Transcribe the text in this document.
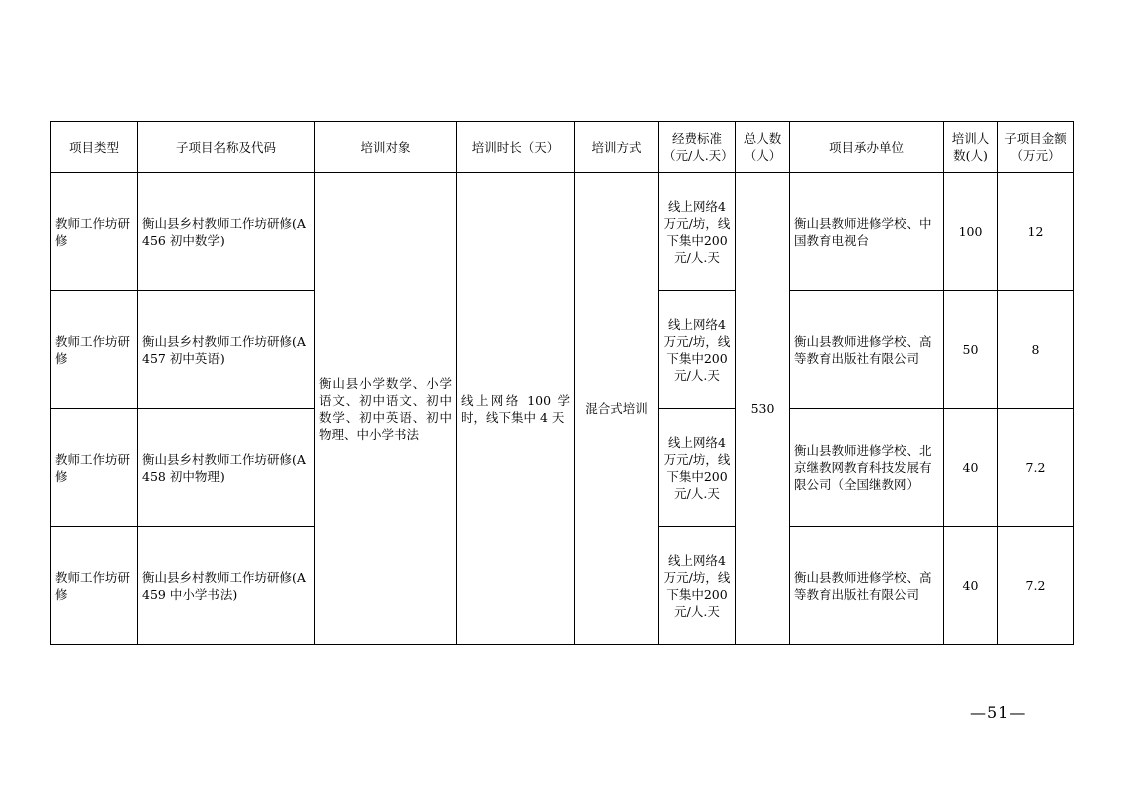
项目类型	子项目名称及代码	培训对象	培训时长（天）	培训方式	经费标准（元/人.天）	总人数（人）	项目承办单位	培训人数(人)	子项目金额（万元）
教师工作坊研修	衡山县乡村教师工作坊研修(A456 初中数学)	衡山县小学数学、小学语文、初中语文、初中数学、初中英语、初中物理、中小学书法	线上网络 100 学时，线下集中 4 天	混合式培训	线上网络4万元/坊，线下集中200元/人.天	530	衡山县教师进修学校、中国教育电视台	100	12
教师工作坊研修	衡山县乡村教师工作坊研修(A457 初中英语)				线上网络4万元/坊，线下集中200元/人.天		衡山县教师进修学校、高等教育出版社有限公司	50	8
教师工作坊研修	衡山县乡村教师工作坊研修(A458 初中物理)				线上网络4万元/坊，线下集中200元/人.天		衡山县教师进修学校、北京继教网教育科技发展有限公司（全国继教网）	40	7.2
教师工作坊研修	衡山县乡村教师工作坊研修(A459 中小学书法)				线上网络4万元/坊，线下集中200元/人.天		衡山县教师进修学校、高等教育出版社有限公司	40	7.2
—51—
